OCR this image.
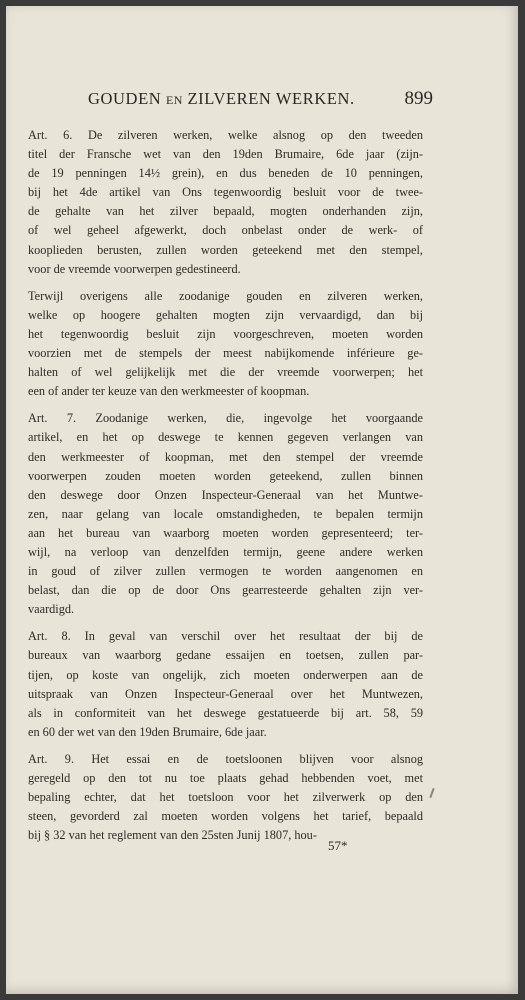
GOUDEN EN ZILVEREN WERKEN.	899

Art. 6. De zilveren werken, welke alsnog op den tweeden
titel der Fransche wet van den 19den Brumaire, 6de jaar (zijn-
de 19 penningen 14½ grein), en dus beneden de 10 penningen,
bij het 4de artikel van Ons tegenwoordig besluit voor de twee-
de gehalte van het zilver bepaald, mogten onderhanden zijn,
of wel geheel afgewerkt, doch onbelast onder de werk- of
kooplieden berusten, zullen worden geteekend met den stempel,
voor de vreemde voorwerpen gedestineerd.

Terwijl overigens alle zoodanige gouden en zilveren werken,
welke op hoogere gehalten mogten zijn vervaardigd, dan bij
het tegenwoordig besluit zijn voorgeschreven, moeten worden
voorzien met de stempels der meest nabijkomende inférieure ge-
halten of wel gelijkelijk met die der vreemde voorwerpen; het
een of ander ter keuze van den werkmeester of koopman.

Art. 7. Zoodanige werken, die, ingevolge het voorgaande
artikel, en het op deswege te kennen gegeven verlangen van
den werkmeester of koopman, met den stempel der vreemde
voorwerpen zouden moeten worden geteekend, zullen binnen
den deswege door Onzen Inspecteur-Generaal van het Muntwe-
zen, naar gelang van locale omstandigheden, te bepalen termijn
aan het bureau van waarborg moeten worden gepresenteerd; ter-
wijl, na verloop van denzelfden termijn, geene andere werken
in goud of zilver zullen vermogen te worden aangenomen en
belast, dan die op de door Ons gearresteerde gehalten zijn ver-
vaardigd.

Art. 8. In geval van verschil over het resultaat der bij de
bureaux van waarborg gedane essaijen en toetsen, zullen par-
tijen, op koste van ongelijk, zich moeten onderwerpen aan de
uitspraak van Onzen Inspecteur-Generaal over het Muntwezen,
als in conformiteit van het deswege gestatueerde bij art. 58, 59
en 60 der wet van den 19den Brumaire, 6de jaar.

Art. 9. Het essai en de toetsloonen blijven voor alsnog
geregeld op den tot nu toe plaats gehad hebbenden voet, met
bepaling echter, dat het toetsloon voor het zilverwerk op den
steen, gevorderd zal moeten worden volgens het tarief, bepaald
bij § 32 van het reglement van den 25sten Junij 1807, hou-

57*
